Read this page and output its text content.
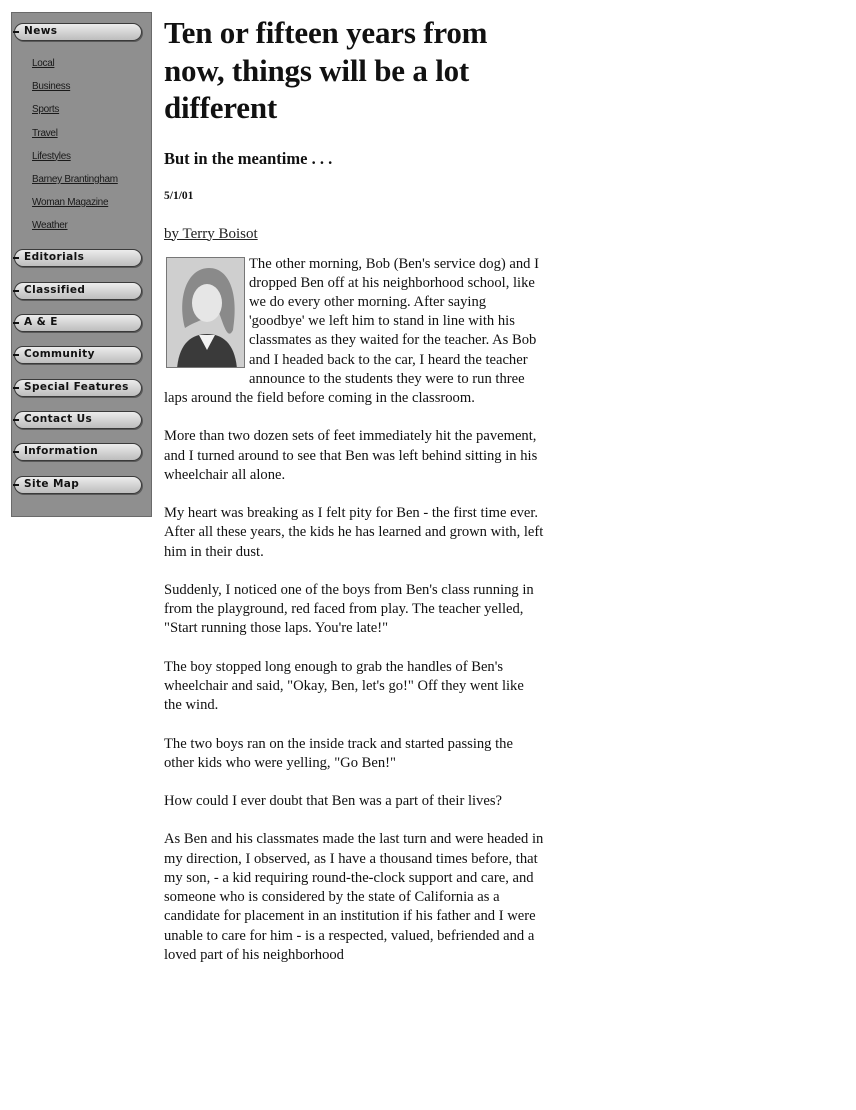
News
Local
Business
Sports
Travel
Lifestyles
Barney Brantingham
Woman Magazine
Weather
Editorials
Classified
A & E
Community
Special Features
Contact Us
Information
Site Map
Ten or fifteen years from now, things will be a lot different
But in the meantime . . .
5/1/01
by Terry Boisot

The other morning, Bob (Ben's service dog) and I dropped Ben off at his neighborhood school, like we do every other morning. After saying 'goodbye' we left him to stand in line with his classmates as they waited for the teacher. As Bob and I headed back to the car, I heard the teacher announce to the students they were to run three laps around the field before coming in the classroom.

More than two dozen sets of feet immediately hit the pavement, and I turned around to see that Ben was left behind sitting in his wheelchair all alone.

My heart was breaking as I felt pity for Ben - the first time ever. After all these years, the kids he has learned and grown with, left him in their dust.

Suddenly, I noticed one of the boys from Ben's class running in from the playground, red faced from play. The teacher yelled, "Start running those laps. You're late!"

The boy stopped long enough to grab the handles of Ben's wheelchair and said, "Okay, Ben, let's go!" Off they went like the wind.

The two boys ran on the inside track and started passing the other kids who were yelling, "Go Ben!"

How could I ever doubt that Ben was a part of their lives?

As Ben and his classmates made the last turn and were headed in my direction, I observed, as I have a thousand times before, that my son, - a kid requiring round-the-clock support and care, and someone who is considered by the state of California as a candidate for placement in an institution if his father and I were unable to care for him - is a respected, valued, befriended and a loved part of his neighborhood
